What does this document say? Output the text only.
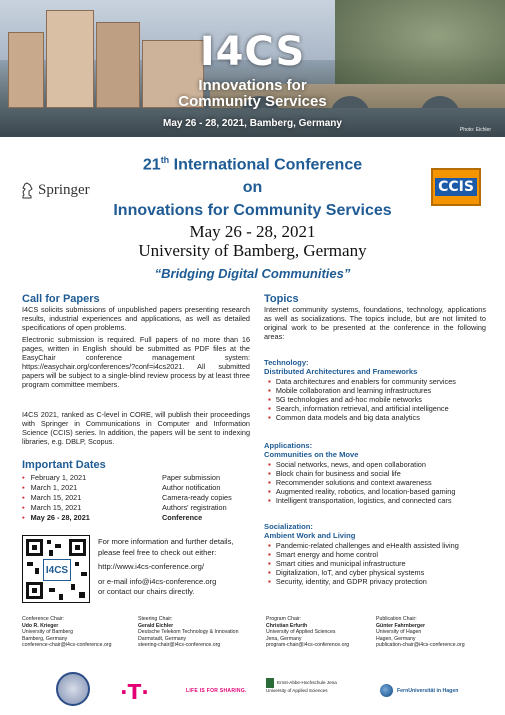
I4CS
Innovations for
Community Services
May 26 - 28, 2021, Bamberg, Germany
Photo: Eichler
Springer	CCIS
21th International Conference
on
Innovations for Community Services
May 26 - 28, 2021
University of Bamberg, Germany
“Bridging Digital Communities”
Call for Papers
I4CS solicits submissions of unpublished papers presenting research results, industrial experiences and applications, as well as detailed specifications of open problems.
Electronic submission is required. Full papers of no more than 16 pages, written in English should be submitted as PDF files at the EasyChair conference management system: https://easychair.org/conferences/?conf=i4cs2021. All submitted papers will be subject to a single-blind review process by at least three program committee members.
I4CS 2021, ranked as C-level in CORE, will publish their proceedings with Springer in Communications in Computer and Information Science (CCIS) series. In addition, the papers will be sent to indexing libraries, e.g. DBLP, Scopus.
Important Dates
▪ February 1, 2021	Paper submission
▪ March 1, 2021	Author notification
▪ March 15, 2021	Camera-ready copies
▪ March 15, 2021	Authors' registration
▪ May 26 - 28, 2021	Conference
I4CS
For more information and further details,
please feel free to check out either:
http://www.i4cs-conference.org/
or e-mail info@i4cs-conference.org
or contact our chairs directly.
Topics
Internet community systems, foundations, technology, applications as well as socializations. The topics include, but are not limited to original work to be presented at the conference in the following areas:
Technology:
Distributed Architectures and Frameworks
▪ Data architectures and enablers for community services
▪ Mobile collaboration and learning infrastructures
▪ 5G technologies and ad-hoc mobile networks
▪ Search, information retrieval, and artificial intelligence
▪ Common data models and big data analytics
Applications:
Communities on the Move
▪ Social networks, news, and open collaboration
▪ Block chain for business and social life
▪ Recommender solutions and context awareness
▪ Augmented reality, robotics, and location-based gaming
▪ Intelligent transportation, logistics, and connected cars
Socialization:
Ambient Work and Living
▪ Pandemic-related challenges and eHealth assisted living
▪ Smart energy and home control
▪ Smart cities and municipal infrastructure
▪ Digitalization, IoT, and cyber physical systems
▪ Security, identity, and GDPR privacy protection
Conference Chair:
Udo R. Krieger
University of Bamberg
Bamberg, Germany
conference-chair@i4cs-conference.org
Steering Chair:
Gerald Eichler
Deutsche Telekom Technology & Innovation
Darmstadt, Germany
steering-chair@i4cs-conference.org
Program Chair:
Christian Erfurth
University of Applied Sciences
Jena, Germany
program-chair@i4cs-conference.org
Publication Chair:
Günter Fahrnberger
University of Hagen
Hagen, Germany
publication-chair@i4cs-conference.org
·T·	LIFE IS FOR SHARING.
Ernst-Abbe-Hochschule Jena
University of Applied Sciences	FernUniversität in Hagen
